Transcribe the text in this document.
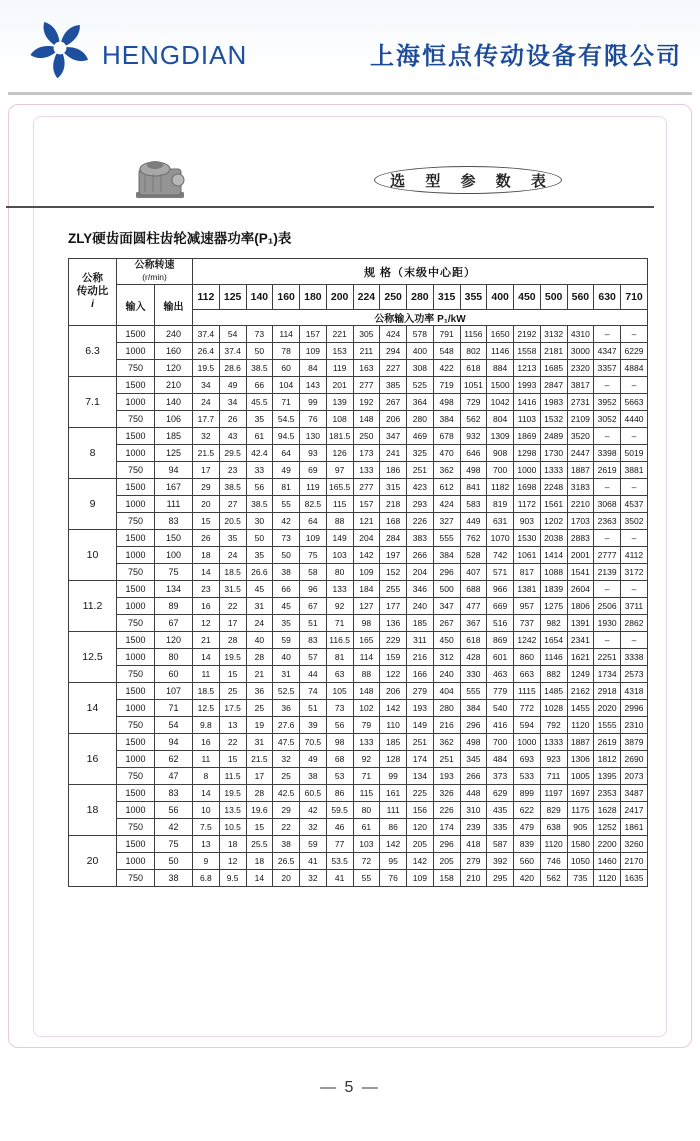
HENGDIAN	上海恒点传动设备有限公司
选 型 参 数 表
ZLY硬齿面圆柱齿轮减速器功率(P₁)表
公称
传动比
i	公称转速
(r/min)		规 格（末级中心距）																
	输入	输出	112	125	140	160	180	200	224	250	280	315	355	400	450	500	560	630	710
			公称输入功率 P₁/kW																
6.3	1500	240	37.4	54	73	114	157	221	305	424	578	791	1156	1650	2192	3132	4310	–	–
	1000	160	26.4	37.4	50	78	109	153	211	294	400	548	802	1146	1558	2181	3000	4347	6229
	750	120	19.5	28.6	38.5	60	84	119	163	227	308	422	618	884	1213	1685	2320	3357	4884
7.1	1500	210	34	49	66	104	143	201	277	385	525	719	1051	1500	1993	2847	3817	–	–
	1000	140	24	34	45.5	71	99	139	192	267	364	498	729	1042	1416	1983	2731	3952	5663
	750	106	17.7	26	35	54.5	76	108	148	206	280	384	562	804	1103	1532	2109	3052	4440
8	1500	185	32	43	61	94.5	130	181.5	250	347	469	678	932	1309	1869	2489	3520	–	–
	1000	125	21.5	29.5	42.4	64	93	126	173	241	325	470	646	908	1298	1730	2447	3398	5019
	750	94	17	23	33	49	69	97	133	186	251	362	498	700	1000	1333	1887	2619	3881
9	1500	167	29	38.5	56	81	119	165.5	277	315	423	612	841	1182	1698	2248	3183	–	–
	1000	111	20	27	38.5	55	82.5	115	157	218	293	424	583	819	1172	1561	2210	3068	4537
	750	83	15	20.5	30	42	64	88	121	168	226	327	449	631	903	1202	1703	2363	3502
10	1500	150	26	35	50	73	109	149	204	284	383	555	762	1070	1530	2038	2883	–	–
	1000	100	18	24	35	50	75	103	142	197	266	384	528	742	1061	1414	2001	2777	4112
	750	75	14	18.5	26.6	38	58	80	109	152	204	296	407	571	817	1088	1541	2139	3172
11.2	1500	134	23	31.5	45	66	96	133	184	255	346	500	688	966	1381	1839	2604	–	–
	1000	89	16	22	31	45	67	92	127	177	240	347	477	669	957	1275	1806	2506	3711
	750	67	12	17	24	35	51	71	98	136	185	267	367	516	737	982	1391	1930	2862
12.5	1500	120	21	28	40	59	83	116.5	165	229	311	450	618	869	1242	1654	2341	–	–
	1000	80	14	19.5	28	40	57	81	114	159	216	312	428	601	860	1146	1621	2251	3338
	750	60	11	15	21	31	44	63	88	122	166	240	330	463	663	882	1249	1734	2573
14	1500	107	18.5	25	36	52.5	74	105	148	206	279	404	555	779	1115	1485	2162	2918	4318
	1000	71	12.5	17.5	25	36	51	73	102	142	193	280	384	540	772	1028	1455	2020	2996
	750	54	9.8	13	19	27.6	39	56	79	110	149	216	296	416	594	792	1120	1555	2310
16	1500	94	16	22	31	47.5	70.5	98	133	185	251	362	498	700	1000	1333	1887	2619	3879
	1000	62	11	15	21.5	32	49	68	92	128	174	251	345	484	693	923	1306	1812	2690
	750	47	8	11.5	17	25	38	53	71	99	134	193	266	373	533	711	1005	1395	2073
18	1500	83	14	19.5	28	42.5	60.5	86	115	161	225	326	448	629	899	1197	1697	2353	3487
	1000	56	10	13.5	19.6	29	42	59.5	80	111	156	226	310	435	622	829	1175	1628	2417
	750	42	7.5	10.5	15	22	32	46	61	86	120	174	239	335	479	638	905	1252	1861
20	1500	75	13	18	25.5	38	59	77	103	142	205	296	418	587	839	1120	1580	2200	3260
	1000	50	9	12	18	26.5	41	53.5	72	95	142	205	279	392	560	746	1050	1460	2170
	750	38	6.8	9.5	14	20	32	41	55	76	109	158	210	295	420	562	735	1120	1635
— 5 —
